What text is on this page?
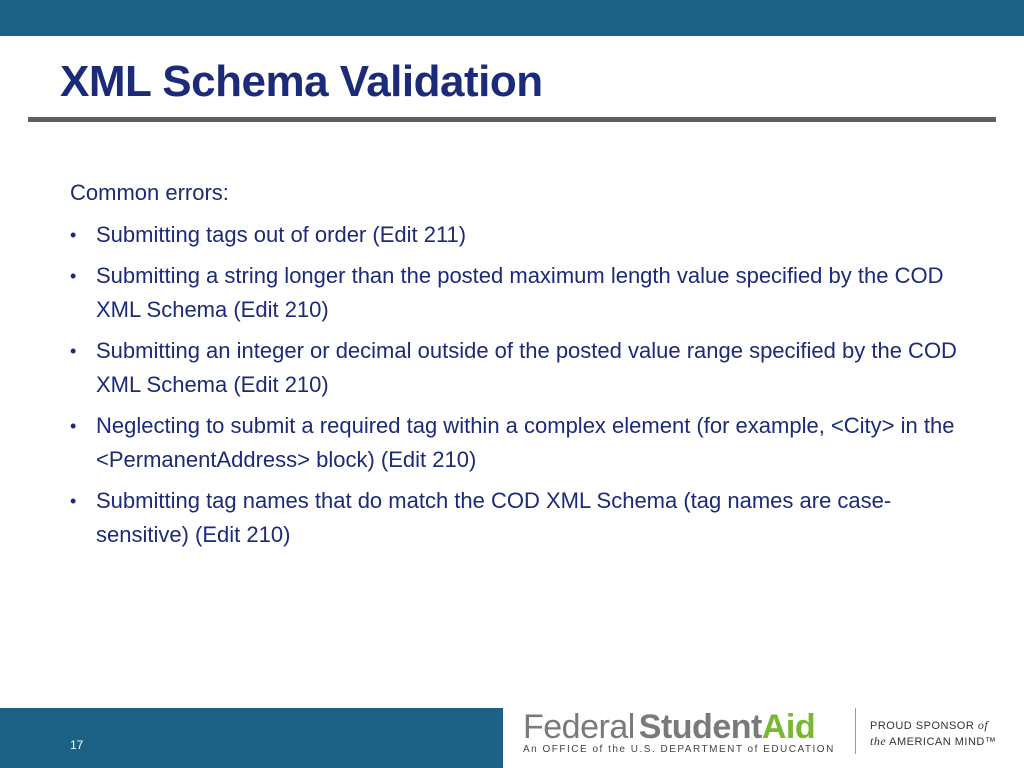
XML Schema Validation
Common errors:
• Submitting tags out of order (Edit 211)
• Submitting a string longer than the posted maximum length value specified by the COD XML Schema (Edit 210)
• Submitting an integer or decimal outside of the posted value range specified by the COD XML Schema (Edit 210)
• Neglecting to submit a required tag within a complex element (for example, <City> in the <PermanentAddress> block) (Edit 210)
• Submitting tag names that do match the COD XML Schema (tag names are case-sensitive) (Edit 210)
17	Federal StudentAid
An OFFICE of the U.S. DEPARTMENT of EDUCATION
PROUD SPONSOR of
the AMERICAN MIND™
